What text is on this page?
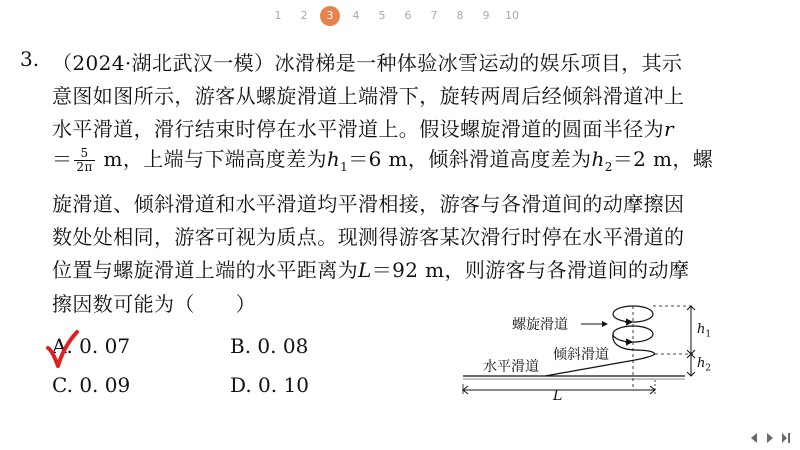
1	2	3	4	5	6	7	8	9	10
3. （2024·湖北武汉一模）冰滑梯是一种体验冰雪运动的娱乐项目，其示
意图如图所示，游客从螺旋滑道上端滑下，旋转两周后经倾斜滑道冲上
水平滑道，滑行结束时停在水平滑道上。假设螺旋滑道的圆面半径为r
＝ $\frac{5}{2\pi}$ m，上端与下端高度差为$h_1=6$ m，倾斜滑道高度差为$h_2=2$ m，螺
旋滑道、倾斜滑道和水平滑道均平滑相接，游客与各滑道间的动摩擦因
数处处相同，游客可视为质点。现测得游客某次滑行时停在水平滑道的
位置与螺旋滑道上端的水平距离为L＝92 m，则游客与各滑道间的动摩
擦因数可能为（　　）
A. 0. 07	B. 0. 08
C. 0. 09	D. 0. 10
螺旋滑道
倾斜滑道
水平滑道
$h_1$
$h_2$
L
